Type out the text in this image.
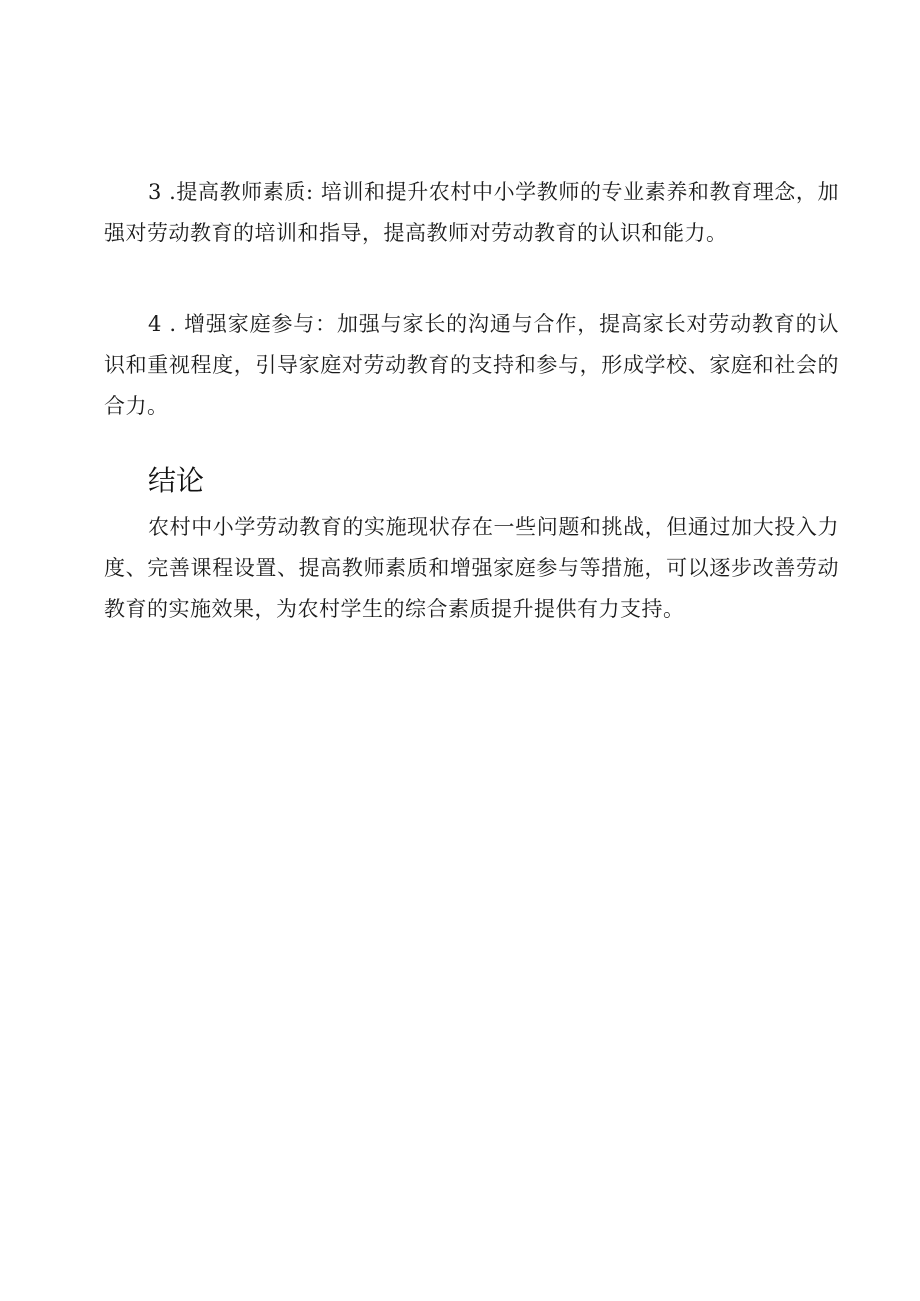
3 .提高教师素质: 培训和提升农村中小学教师的专业素养和教育理念，加强对劳动教育的培训和指导，提高教师对劳动教育的认识和能力。

4 . 增强家庭参与：加强与家长的沟通与合作，提高家长对劳动教育的认识和重视程度，引导家庭对劳动教育的支持和参与，形成学校、家庭和社会的合力。

结论

农村中小学劳动教育的实施现状存在一些问题和挑战，但通过加大投入力度、完善课程设置、提高教师素质和增强家庭参与等措施，可以逐步改善劳动教育的实施效果，为农村学生的综合素质提升提供有力支持。
